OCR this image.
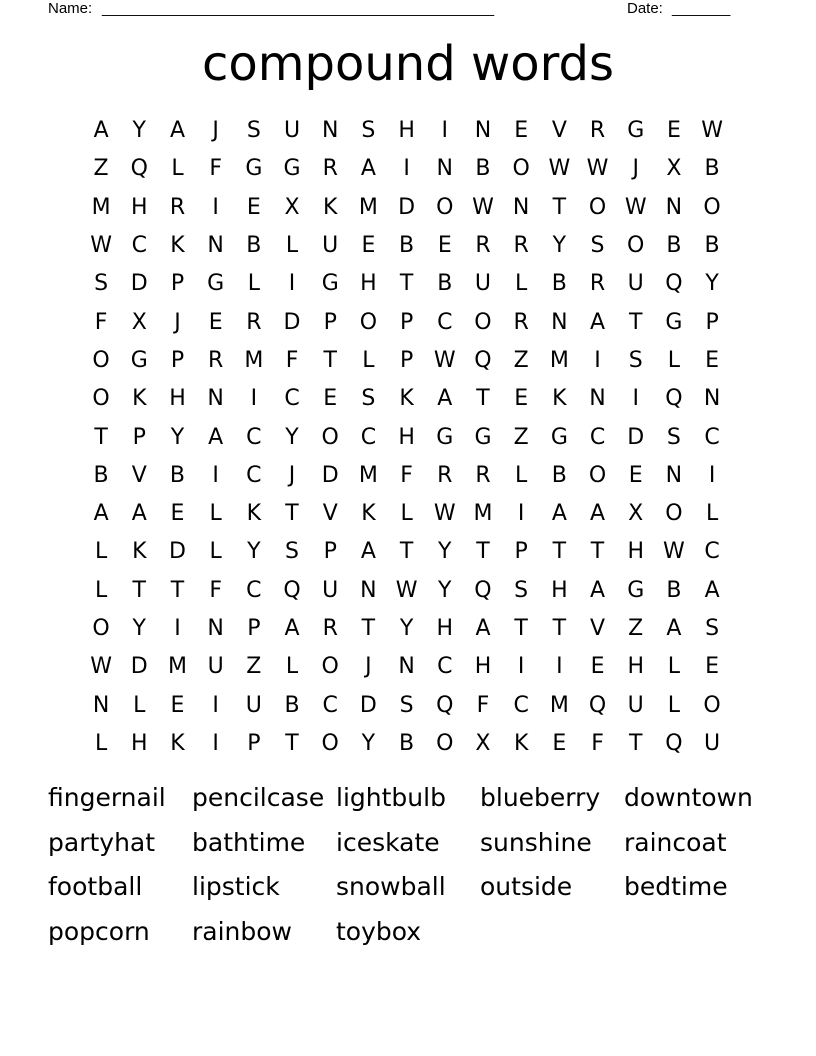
Name: _______________________________________________	Date: _______
compound words
A	Y	A	J	S	U N	S	H	I	N	E	V	R	G	E W
Z Q	L	F	G G	R	A	I	N	B O W W	J	X	B
M H	R	I	E	X	K M D O W N	T	O W N O
W C	K	N	B	L	U	E	B	E	R	R	Y	S	O B	B
S	D	P	G	L	I	G H	T	B	U	L	B	R	U Q	Y
F	X	J	E	R	D	P	O	P	C O R	N	A	T	G	P
O G	P	R M	F	T	L	P W Q Z M	I	S	L	E
O	K	H N	I	C	E	S	K	A	T	E	K	N	I	Q N
T	P	Y	A	C	Y	O C	H G G	Z	G C	D	S	C
B	V	B	I	C	J	D M	F	R	R	L	B O	E	N	I
A	A	E	L	K	T	V	K	L W M	I	A	A	X O	L
L	K	D	L	Y	S	P	A	T	Y	T	P	T	T	H W C
L	T	T	F	C Q U N W Y	Q	S	H	A	G	B	A
O	Y	I	N	P	A	R	T	Y	H	A	T	T	V	Z	A	S
W D M U	Z	L	O	J	N	C	H	I	I	E	H	L	E
N	L	E	I	U	B	C	D	S	Q	F	C M Q U	L	O
L	H	K	I	P	T	O	Y	B O X	K	E	F	T	Q U
fingernail	pencilcase lightbulb	blueberry downtown
partyhat	bathtime	iceskate	sunshine	raincoat
football	lipstick	snowball	outside	bedtime
popcorn	rainbow	toybox
